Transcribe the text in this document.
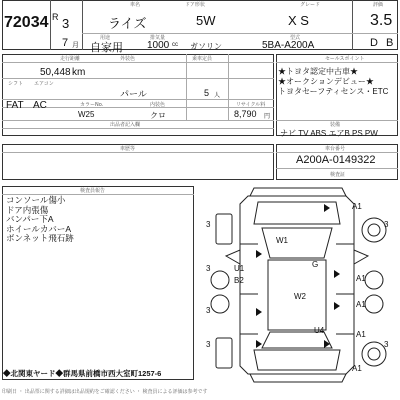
72034
車名	ドア形状	グレード	評価
R 3
7 月
ライズ	5W	X S
用途	排気量	型式
自家用 1000 cc ガソリン	5BA-A200A
3.5
D B
走行距離	外装色	乗車定員
50,448 km
パール	5 人
シフト エアコン
FAT AC	カラーNo.	内装色	リサイクル料
W25	クロ	8,790 円
出品者記入欄
セールスポイント
★トヨタ認定中古車★
★オークションデビュー★
トヨタセーフティセンス・ETC
装備
ナビ TV ABS エアB PS PW
車歴等	車台番号
A200A-0149322
検査証
検査員報告
コンソール傷小
ドア内張傷
バンパー下A
ホイールカバーA
ボンネット飛石跡
◆北関東ヤード◆群馬県前橋市西大室町1257-6
A1
W1
G
U1
B2	A1
A1
W2
U4	A1
A1
3	3
3
3
3	3
印刷日 ・ 出品票に関する詳細は出品規約をご確認ください ・ 検査員による評価は参考です
